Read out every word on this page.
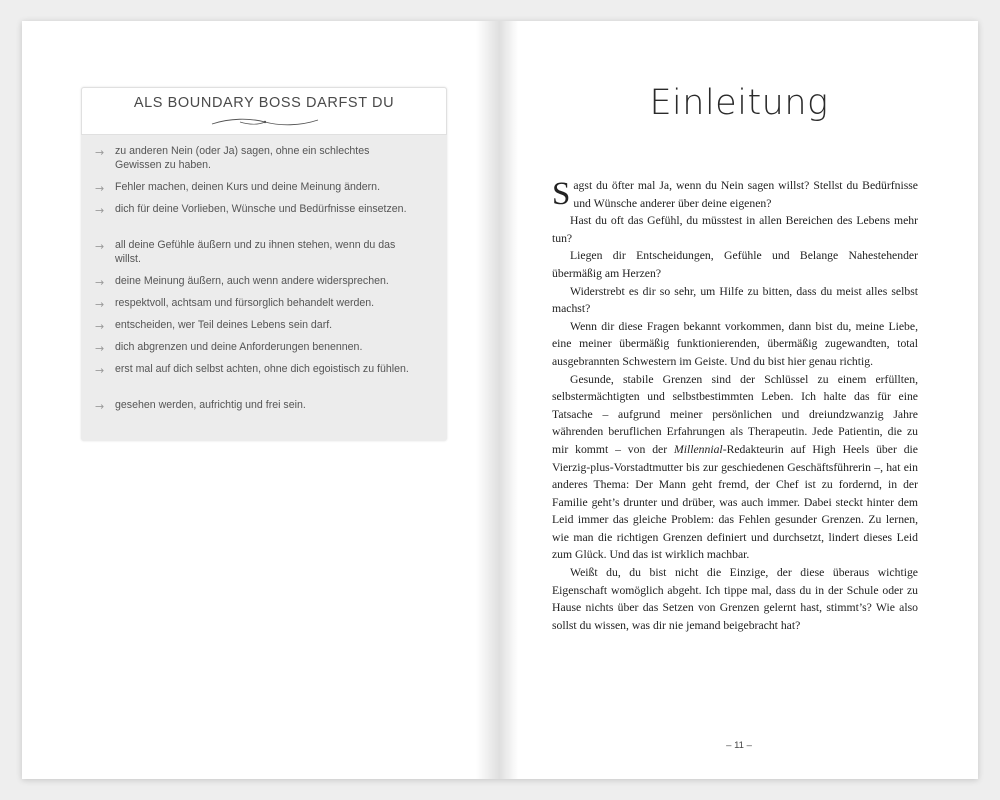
ALS BOUNDARY BOSS DARFST DU
→ zu anderen Nein (oder Ja) sagen, ohne ein schlechtes Gewissen zu haben.
→ Fehler machen, deinen Kurs und deine Meinung ändern.
→ dich für deine Vorlieben, Wünsche und Bedürfnisse einsetzen.
→ all deine Gefühle äußern und zu ihnen stehen, wenn du das willst.
→ deine Meinung äußern, auch wenn andere widersprechen.
→ respektvoll, achtsam und fürsorglich behandelt werden.
→ entscheiden, wer Teil deines Lebens sein darf.
→ dich abgrenzen und deine Anforderungen benennen.
→ erst mal auf dich selbst achten, ohne dich egoistisch zu fühlen.
→ gesehen werden, aufrichtig und frei sein.
Einleitung

Sagst du öfter mal Ja, wenn du Nein sagen willst? Stellst du Bedürfnisse und Wünsche anderer über deine eigenen?

Hast du oft das Gefühl, du müsstest in allen Bereichen des Lebens mehr tun?

Liegen dir Entscheidungen, Gefühle und Belange Nahestehender übermäßig am Herzen?

Widerstrebt es dir so sehr, um Hilfe zu bitten, dass du meist alles selbst machst?

Wenn dir diese Fragen bekannt vorkommen, dann bist du, meine Liebe, eine meiner übermäßig funktionierenden, übermäßig zugewandten, total ausgebrannten Schwestern im Geiste. Und du bist hier genau richtig.

Gesunde, stabile Grenzen sind der Schlüssel zu einem erfüllten, selbstermächtigten und selbstbestimmten Leben. Ich halte das für eine Tatsache – aufgrund meiner persönlichen und dreiundzwanzig Jahre währenden beruflichen Erfahrungen als Therapeutin. Jede Patientin, die zu mir kommt – von der Millennial-Redakteurin auf High Heels über die Vierzig-plus-Vorstadtmutter bis zur geschiedenen Geschäftsführerin –, hat ein anderes Thema: Der Mann geht fremd, der Chef ist zu fordernd, in der Familie geht’s drunter und drüber, was auch immer. Dabei steckt hinter dem Leid immer das gleiche Problem: das Fehlen gesunder Grenzen. Zu lernen, wie man die richtigen Grenzen definiert und durchsetzt, lindert dieses Leid zum Glück. Und das ist wirklich machbar.

Weißt du, du bist nicht die Einzige, der diese überaus wichtige Eigenschaft womöglich abgeht. Ich tippe mal, dass du in der Schule oder zu Hause nichts über das Setzen von Grenzen gelernt hast, stimmt’s? Wie also sollst du wissen, was dir nie jemand beigebracht hat?

– 11 –
